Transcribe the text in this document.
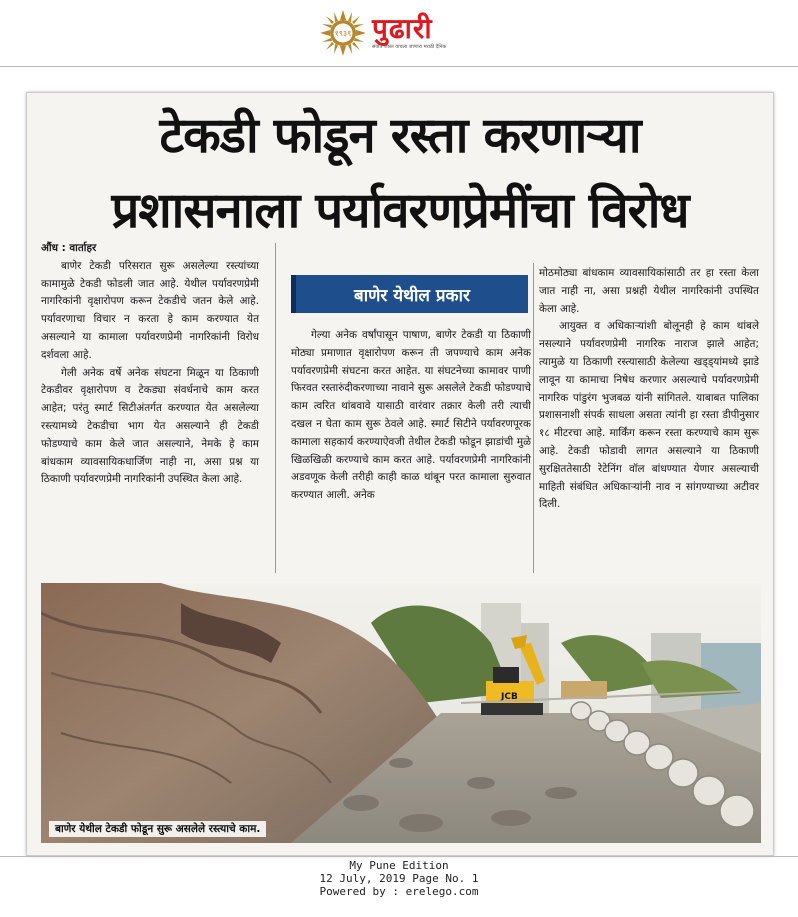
१९३९ पुढारी
सर्वात जास्त वाचला जाणारा मराठी दैनिक
टेकडी फोडून रस्ता करणाऱ्या
प्रशासनाला पर्यावरणप्रेमींचा विरोध

औंध : वार्ताहर

बाणेर टेकडी परिसरात सुरू असलेल्या रस्त्यांच्या कामामुळे टेकडी फोडली जात आहे. येथील पर्यावरणप्रेमी नागरिकांनी वृक्षारोपण करून टेकडीचे जतन केले आहे. पर्यावरणाचा विचार न करता हे काम करण्यात येत असल्याने या कामाला पर्यावरणप्रेमी नागरिकांनी विरोध दर्शवला आहे.

गेली अनेक वर्षे अनेक संघटना मिळून या ठिकाणी टेकडीवर वृक्षारोपण व टेकड्या संवर्धनाचे काम करत आहेत; परंतु स्मार्ट सिटीअंतर्गत करण्यात येत असलेल्या रस्त्यामध्ये टेकडीचा भाग येत असल्याने ही टेकडी फोडण्याचे काम केले जात असल्याने, नेमके हे काम बांधकाम व्यावसायिकधार्जिण नाही ना, असा प्रश्न या ठिकाणी पर्यावरणप्रेमी नागरिकांनी उपस्थित केला आहे.

बाणेर येथील प्रकार

गेल्या अनेक वर्षांपासून पाषाण, बाणेर टेकडी या ठिकाणी मोठ्या प्रमाणात वृक्षारोपण करून ती जपण्याचे काम अनेक पर्यावरणप्रेमी संघटना करत आहेत. या संघटनेच्या कामावर पाणी फिरवत रस्तारुंदीकरणाच्या नावाने सुरू असलेले टेकडी फोडण्याचे काम त्वरित थांबवावे यासाठी वारंवार तक्रार केली तरी त्याची दखल न घेता काम सुरू ठेवले आहे. स्मार्ट सिटीने पर्यावरणपूरक कामाला सहकार्य करण्याऐवजी तेथील टेकडी फोडून झाडांची मुळे खिळखिळी करण्याचे काम करत आहे. पर्यावरणप्रेमी नागरिकांनी अडवणूक केली तरीही काही काळ थांबून परत कामाला सुरुवात करण्यात आली. अनेक

मोठमोठ्या बांधकाम व्यावसायिकांसाठी तर हा रस्ता केला जात नाही ना, असा प्रश्नही येथील नागरिकांनी उपस्थित केला आहे.

आयुक्त व अधिकाऱ्यांशी बोलूनही हे काम थांबले नसल्याने पर्यावरणप्रेमी नागरिक नाराज झाले आहेत; त्यामुळे या ठिकाणी रस्त्यासाठी केलेल्या खड्ड्यांमध्ये झाडे लावून या कामाचा निषेध करणार असल्याचे पर्यावरणप्रेमी नागरिक पांडुरंग भुजबळ यांनी सांगितले. याबाबत पालिका प्रशासनाशी संपर्क साधला असता त्यांनी हा रस्ता डीपीनुसार १८ मीटरचा आहे. मार्किंग करून रस्ता करण्याचे काम सुरू आहे. टेकडी फोडावी लागत असल्याने या ठिकाणी सुरक्षिततेसाठी रेटेनिंग वॉल बांधण्यात येणार असल्याची माहिती संबंधित अधिकाऱ्यांनी नाव न सांगण्याच्या अटीवर दिली.

JCB
बाणेर येथील टेकडी फोडून सुरू असलेले रस्त्याचे काम.
My Pune Edition
12 July, 2019 Page No. 1
Powered by : erelego.com
